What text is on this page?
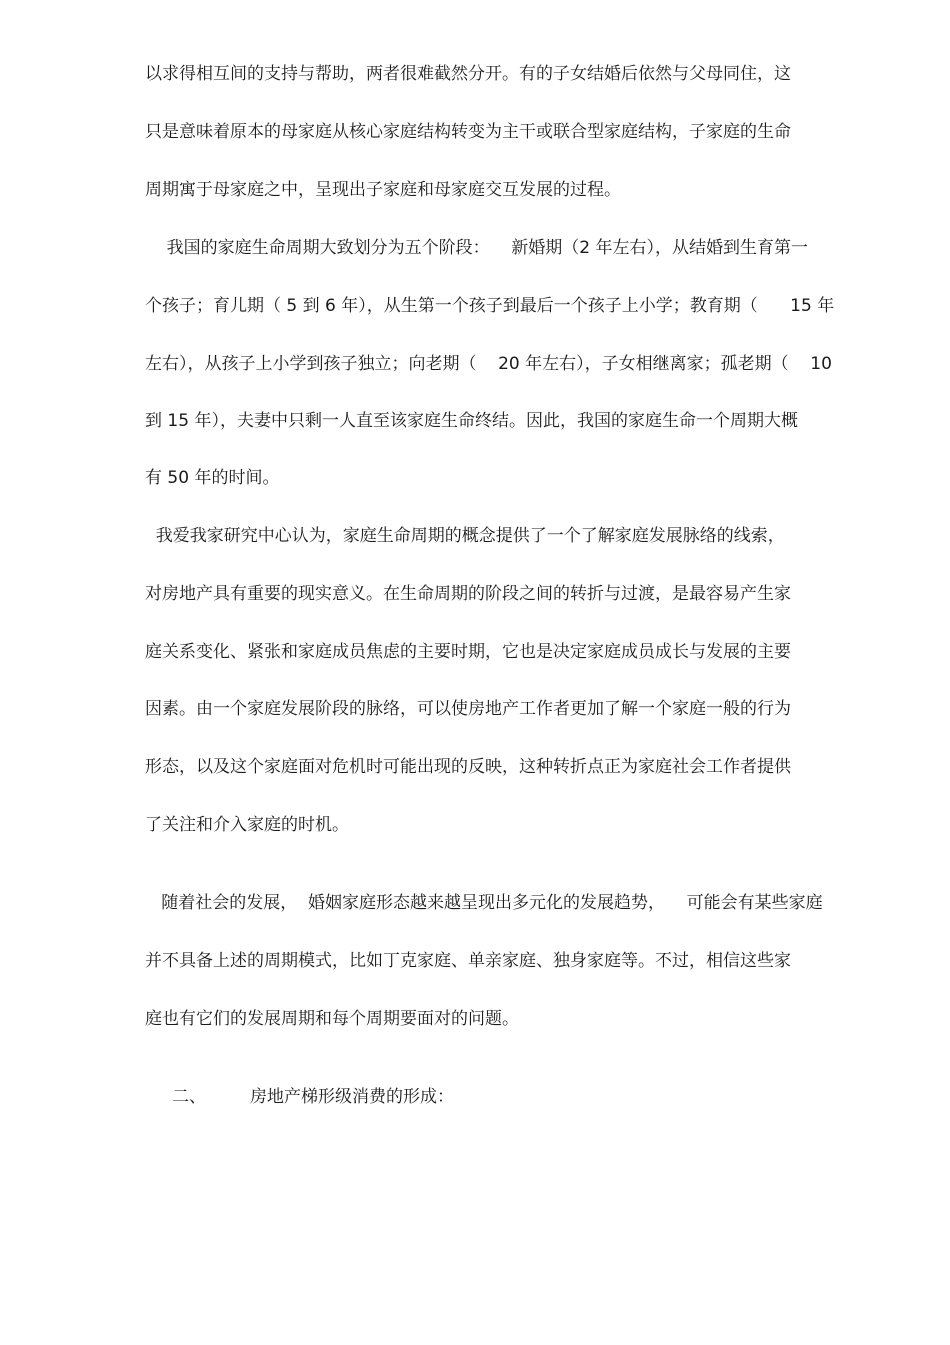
以求得相互间的支持与帮助，两者很难截然分开。有的子女结婚后依然与父母同住，这
只是意味着原本的母家庭从核心家庭结构转变为主干或联合型家庭结构，子家庭的生命
周期寓于母家庭之中，呈现出子家庭和母家庭交互发展的过程。
我国的家庭生命周期大致划分为五个阶段：    新婚期（2 年左右），从结婚到生育第一
个孩子；育儿期（ 5 到 6 年），从生第一个孩子到最后一个孩子上小学；教育期（      15 年
左右），从孩子上小学到孩子独立；向老期（    20 年左右），子女相继离家；孤老期（    10
到 15 年），夫妻中只剩一人直至该家庭生命终结。因此，我国的家庭生命一个周期大概
有 50 年的时间。
我爱我家研究中心认为，家庭生命周期的概念提供了一个了解家庭发展脉络的线索，
对房地产具有重要的现实意义。在生命周期的阶段之间的转折与过渡，是最容易产生家
庭关系变化、紧张和家庭成员焦虑的主要时期，它也是决定家庭成员成长与发展的主要
因素。由一个家庭发展阶段的脉络，可以使房地产工作者更加了解一个家庭一般的行为
形态，以及这个家庭面对危机时可能出现的反映，这种转折点正为家庭社会工作者提供
了关注和介入家庭的时机。
随着社会的发展，  婚姻家庭形态越来越呈现出多元化的发展趋势，    可能会有某些家庭
并不具备上述的周期模式，比如丁克家庭、单亲家庭、独身家庭等。不过，相信这些家
庭也有它们的发展周期和每个周期要面对的问题。
二、	房地产梯形级消费的形成：
